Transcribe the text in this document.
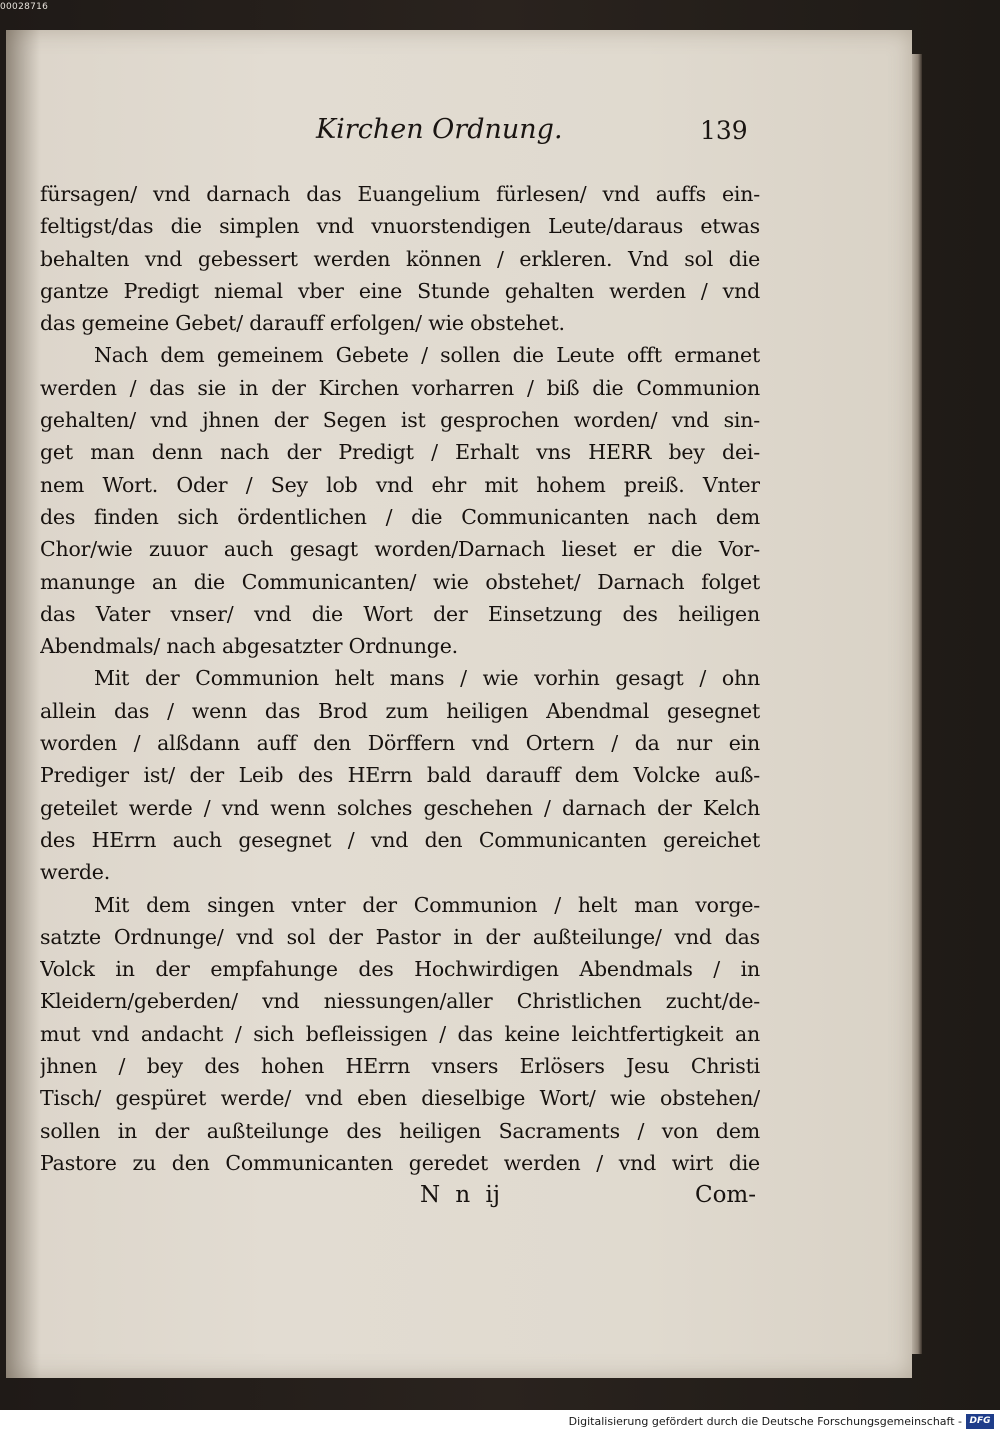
00028716
Kirchen Ordnung.	139
fürsagen/ vnd darnach das Euangelium fürlesen/ vnd auffs ein-
feltigst/das die simplen vnd vnuorstendigen Leute/daraus etwas
behalten vnd gebessert werden können / erkleren. Vnd sol die
gantze Predigt niemal vber eine Stunde gehalten werden / vnd
das gemeine Gebet/ darauff erfolgen/ wie obstehet.
Nach dem gemeinem Gebete / sollen die Leute offt ermanet
werden / das sie in der Kirchen vorharren / biß die Communion
gehalten/ vnd jhnen der Segen ist gesprochen worden/ vnd sin-
get man denn nach der Predigt / Erhalt vns HERR bey dei-
nem Wort. Oder / Sey lob vnd ehr mit hohem preiß. Vnter
des finden sich ördentlichen / die Communicanten nach dem
Chor/wie zuuor auch gesagt worden/Darnach lieset er die Vor-
manunge an die Communicanten/ wie obstehet/ Darnach folget
das Vater vnser/ vnd die Wort der Einsetzung des heiligen
Abendmals/ nach abgesatzter Ordnunge.
Mit der Communion helt mans / wie vorhin gesagt / ohn
allein das / wenn das Brod zum heiligen Abendmal gesegnet
worden / alßdann auff den Dörffern vnd Ortern / da nur ein
Prediger ist/ der Leib des HErrn bald darauff dem Volcke auß-
geteilet werde / vnd wenn solches geschehen / darnach der Kelch
des HErrn auch gesegnet / vnd den Communicanten gereichet
werde.
Mit dem singen vnter der Communion / helt man vorge-
satzte Ordnunge/ vnd sol der Pastor in der außteilunge/ vnd das
Volck in der empfahunge des Hochwirdigen Abendmals / in
Kleidern/geberden/ vnd niessungen/aller Christlichen zucht/de-
mut vnd andacht / sich befleissigen / das keine leichtfertigkeit an
jhnen / bey des hohen HErrn vnsers Erlösers Jesu Christi
Tisch/ gespüret werde/ vnd eben dieselbige Wort/ wie obstehen/
sollen in der außteilunge des heiligen Sacraments / von dem
Pastore zu den Communicanten geredet werden / vnd wirt die
N n ij	Com-
Digitalisierung gefördert durch die Deutsche Forschungsgemeinschaft - DFG
